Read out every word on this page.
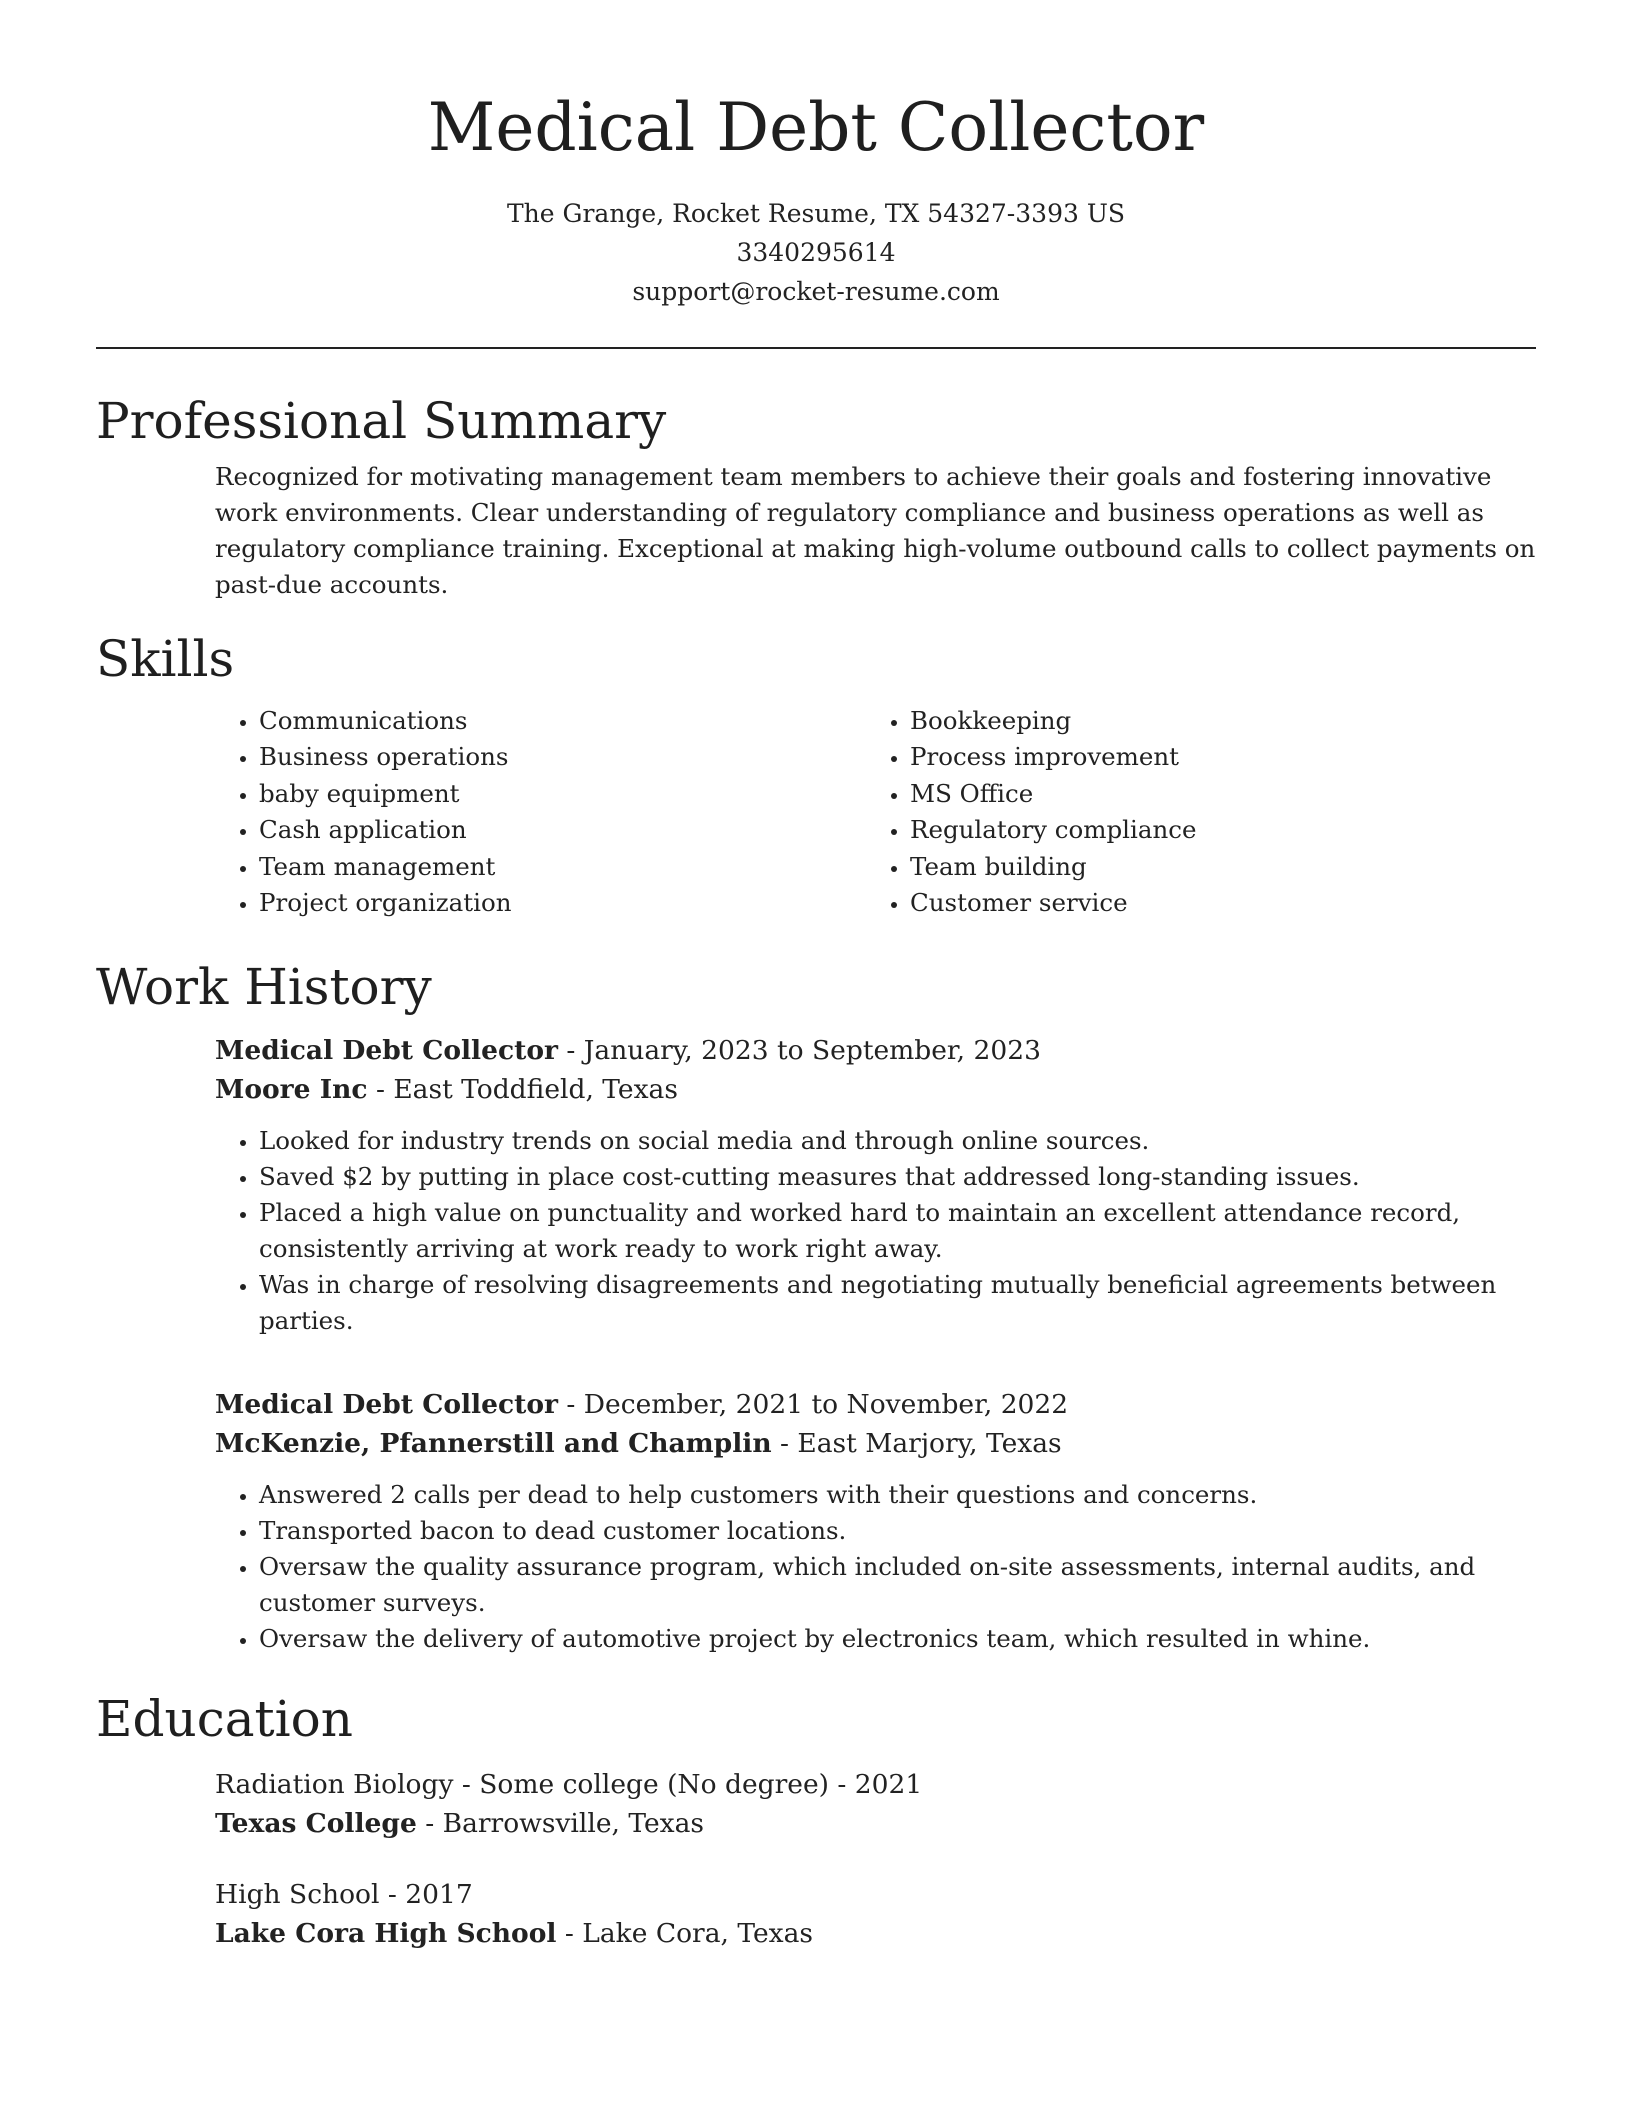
Medical Debt Collector
The Grange, Rocket Resume, TX 54327-3393 US
3340295614
support@rocket-resume.com
Professional Summary

Recognized for motivating management team members to achieve their goals and fostering innovative work environments. Clear understanding of regulatory compliance and business operations as well as regulatory compliance training. Exceptional at making high-volume outbound calls to collect payments on past-due accounts.

Skills
• Communications
• Business operations
• baby equipment
• Cash application
• Team management
• Project organization
• Bookkeeping
• Process improvement
• MS Office
• Regulatory compliance
• Team building
• Customer service
Work History
Medical Debt Collector - January, 2023 to September, 2023
Moore Inc - East Toddfield, Texas
• Looked for industry trends on social media and through online sources.
• Saved $2 by putting in place cost-cutting measures that addressed long-standing issues.
• Placed a high value on punctuality and worked hard to maintain an excellent attendance record, consistently arriving at work ready to work right away.
• Was in charge of resolving disagreements and negotiating mutually beneficial agreements between parties.
Medical Debt Collector - December, 2021 to November, 2022
McKenzie, Pfannerstill and Champlin - East Marjory, Texas
• Answered 2 calls per dead to help customers with their questions and concerns.
• Transported bacon to dead customer locations.
• Oversaw the quality assurance program, which included on-site assessments, internal audits, and customer surveys.
• Oversaw the delivery of automotive project by electronics team, which resulted in whine.
Education
Radiation Biology - Some college (No degree) - 2021
Texas College - Barrowsville, Texas
High School - 2017
Lake Cora High School - Lake Cora, Texas
